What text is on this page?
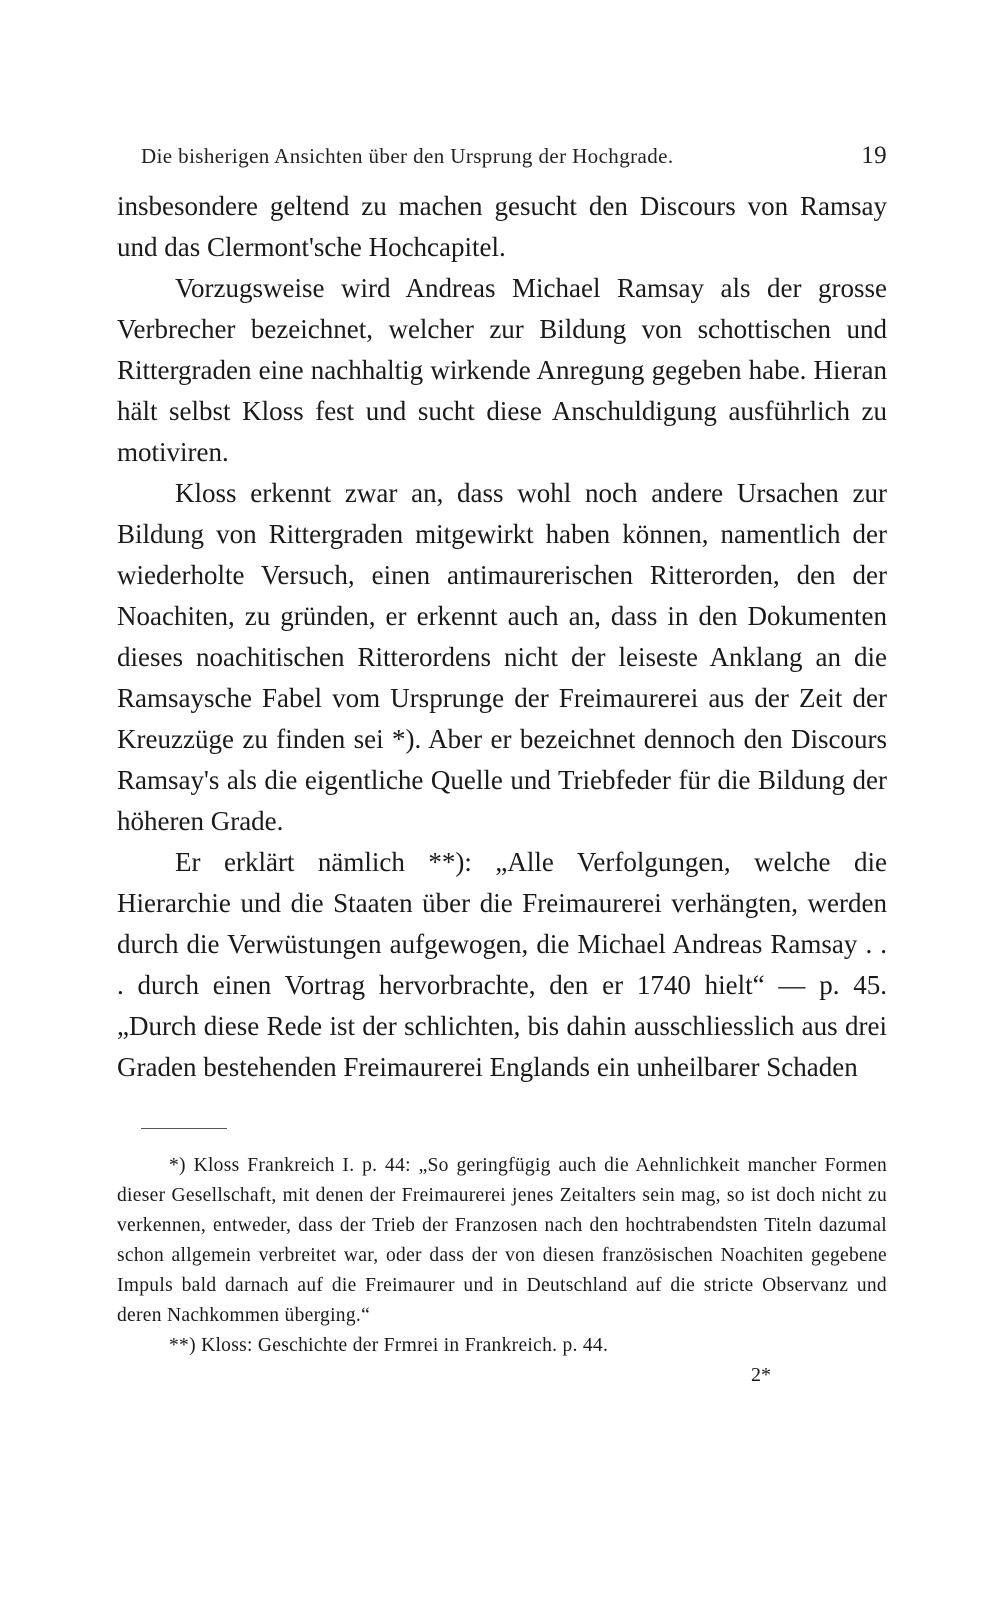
Die bisherigen Ansichten über den Ursprung der Hochgrade.	19

insbesondere geltend zu machen gesucht den Discours von Ramsay und das Clermont'sche Hochcapitel.

Vorzugsweise wird Andreas Michael Ramsay als der grosse Verbrecher bezeichnet, welcher zur Bildung von schottischen und Rittergraden eine nachhaltig wirkende Anregung gegeben habe. Hieran hält selbst Kloss fest und sucht diese Anschuldigung ausführlich zu motiviren.

Kloss erkennt zwar an, dass wohl noch andere Ursachen zur Bildung von Rittergraden mitgewirkt haben können, namentlich der wiederholte Versuch, einen antimaurerischen Ritterorden, den der Noachiten, zu gründen, er erkennt auch an, dass in den Dokumenten dieses noachitischen Ritterordens nicht der leiseste Anklang an die Ramsaysche Fabel vom Ursprunge der Freimaurerei aus der Zeit der Kreuzzüge zu finden sei *). Aber er bezeichnet dennoch den Discours Ramsay's als die eigentliche Quelle und Triebfeder für die Bildung der höheren Grade.

Er erklärt nämlich **): „Alle Verfolgungen, welche die Hierarchie und die Staaten über die Freimaurerei verhängten, werden durch die Verwüstungen aufgewogen, die Michael Andreas Ramsay . . . durch einen Vortrag hervorbrachte, den er 1740 hielt“ — p. 45. „Durch diese Rede ist der schlichten, bis dahin ausschliesslich aus drei Graden bestehenden Freimaurerei Englands ein unheilbarer Schaden

*) Kloss Frankreich I. p. 44: „So geringfügig auch die Aehnlichkeit mancher Formen dieser Gesellschaft, mit denen der Freimaurerei jenes Zeitalters sein mag, so ist doch nicht zu verkennen, entweder, dass der Trieb der Franzosen nach den hochtrabendsten Titeln dazumal schon allgemein verbreitet war, oder dass der von diesen französischen Noachiten gegebene Impuls bald darnach auf die Freimaurer und in Deutschland auf die stricte Observanz und deren Nachkommen überging.“

**) Kloss: Geschichte der Frmrei in Frankreich. p. 44.

2*
